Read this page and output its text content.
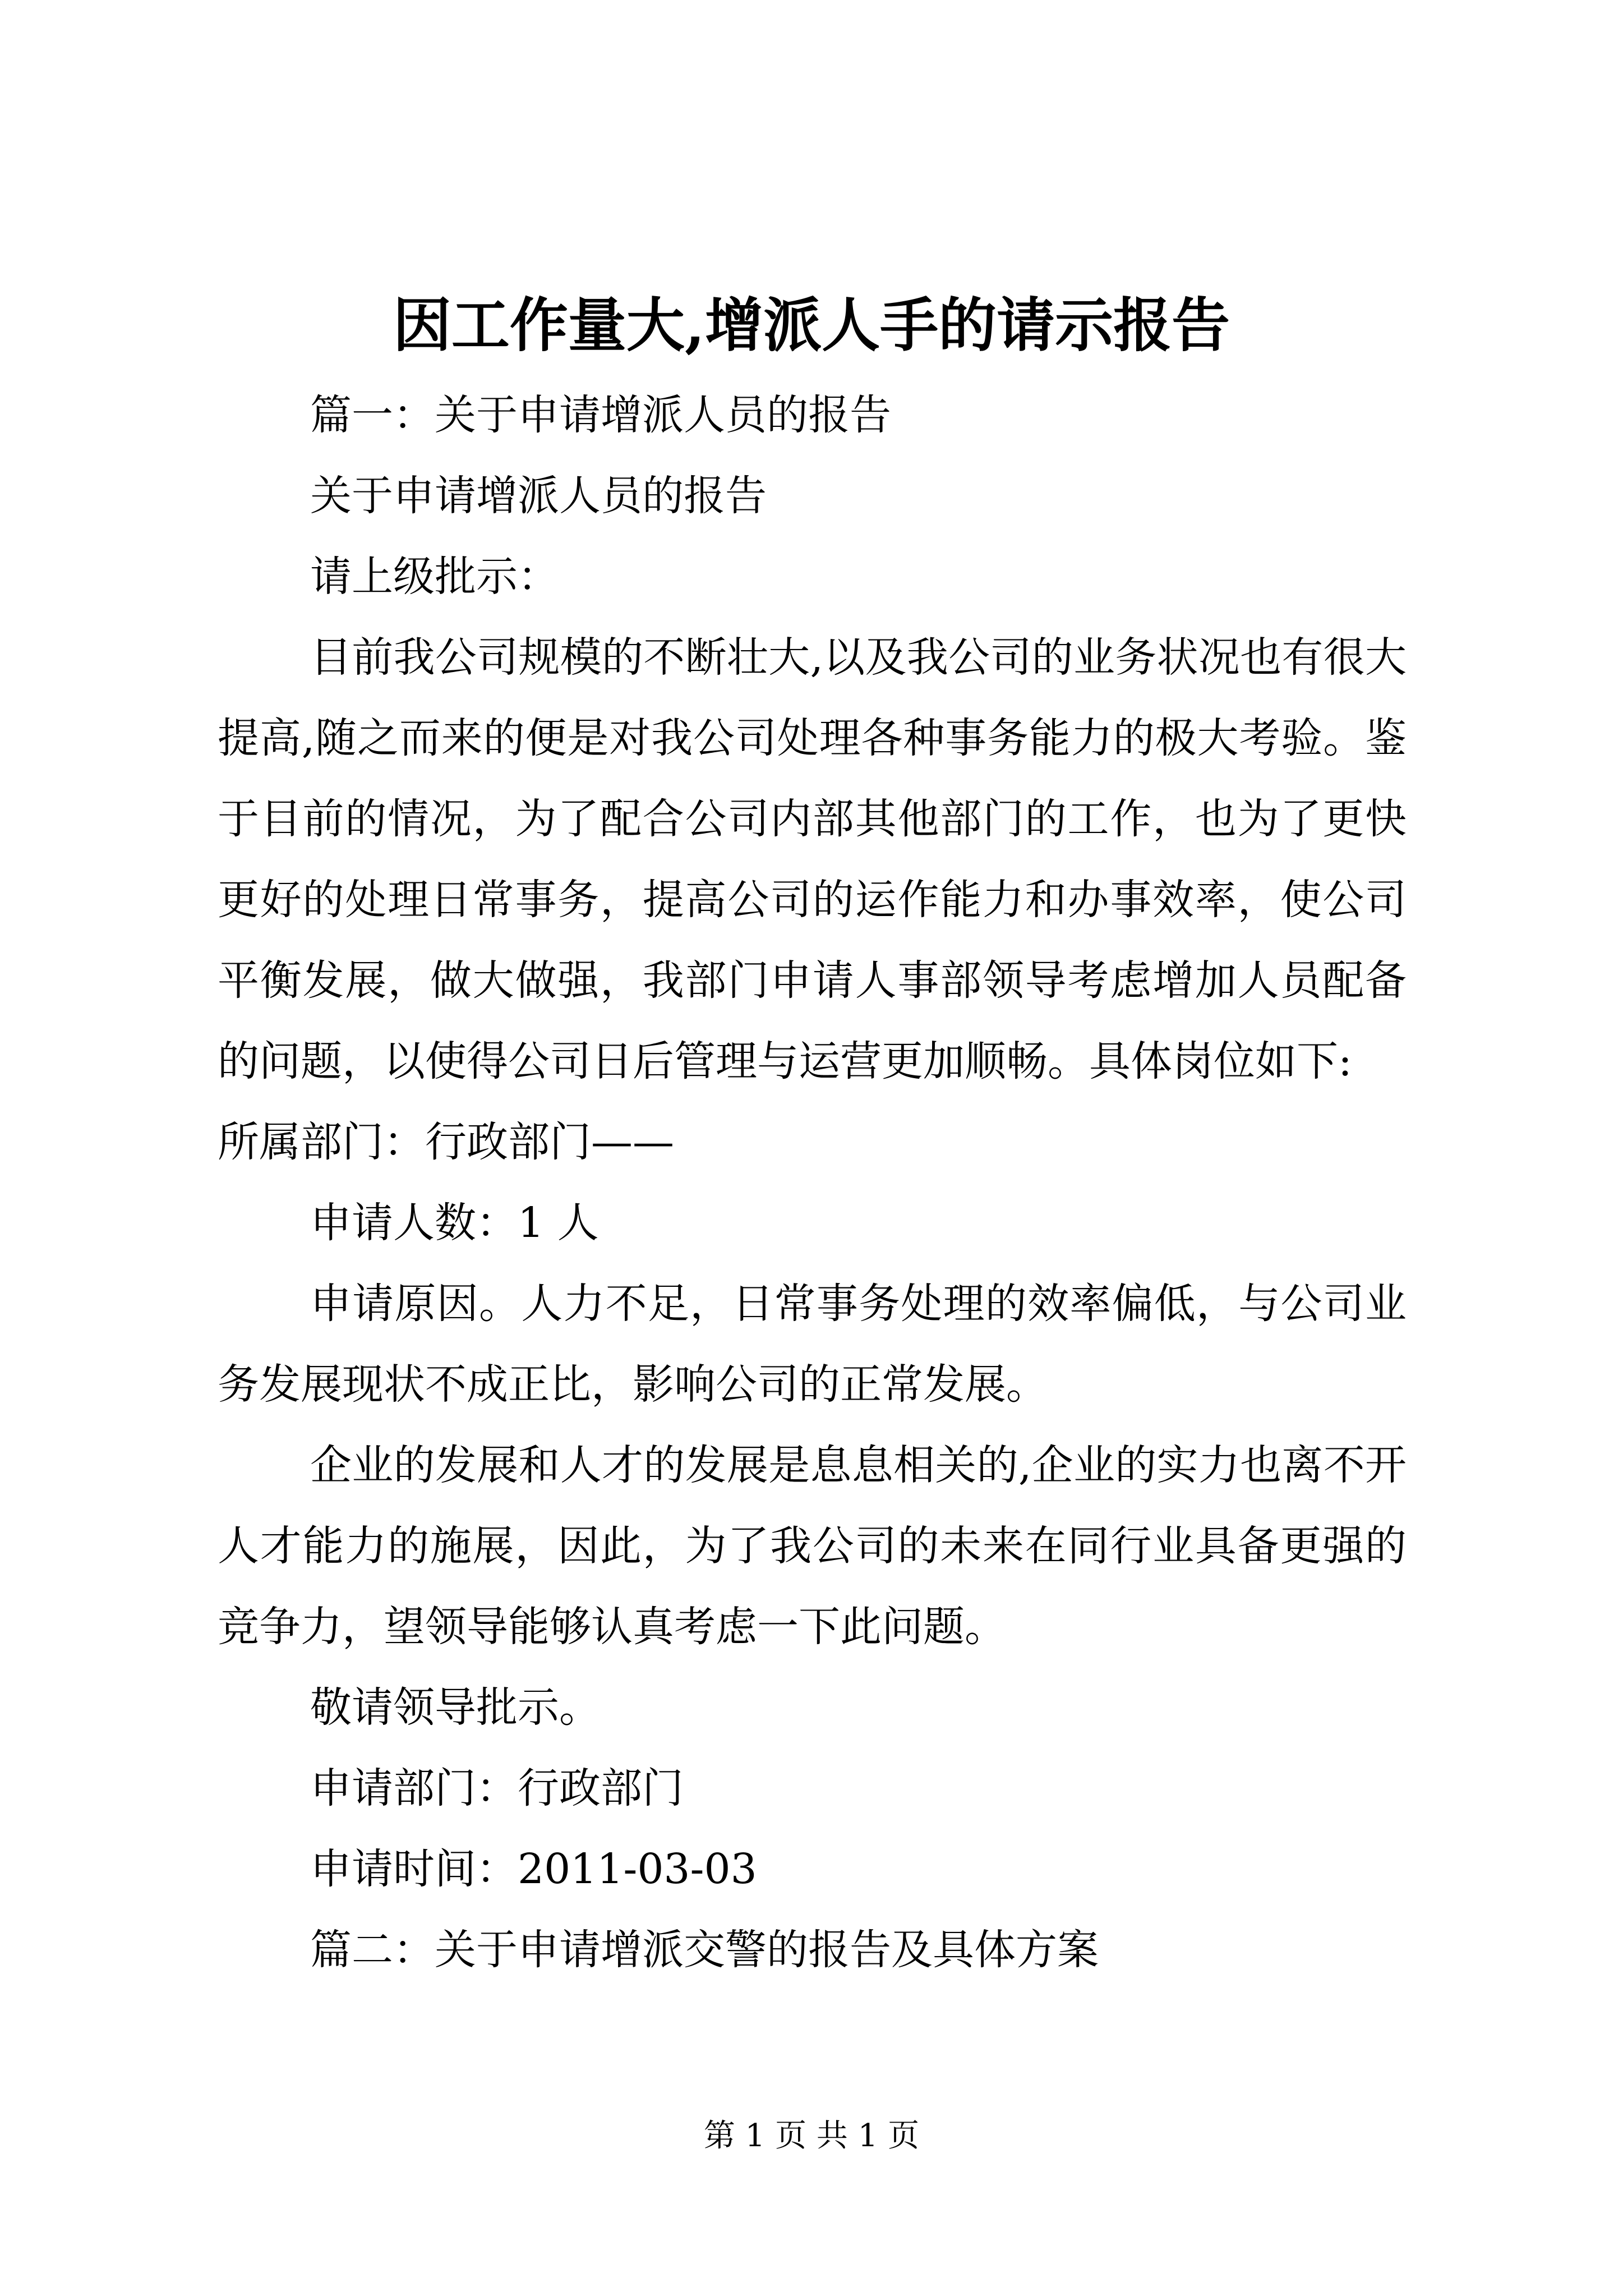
因工作量大,增派人手的请示报告

篇一：关于申请增派人员的报告

关于申请增派人员的报告

请上级批示：

目前我公司规模的不断壮大,以及我公司的业务状况也有很大提高,随之而来的便是对我公司处理各种事务能力的极大考验。鉴于目前的情况，为了配合公司内部其他部门的工作，也为了更快更好的处理日常事务，提高公司的运作能力和办事效率，使公司平衡发展，做大做强，我部门申请人事部领导考虑增加人员配备的问题，以使得公司日后管理与运营更加顺畅。具体岗位如下:

所属部门：行政部门——

申请人数：1 人

申请原因。人力不足，日常事务处理的效率偏低，与公司业务发展现状不成正比，影响公司的正常发展。

企业的发展和人才的发展是息息相关的,企业的实力也离不开人才能力的施展，因此，为了我公司的未来在同行业具备更强的竞争力，望领导能够认真考虑一下此问题。

敬请领导批示。

申请部门：行政部门

申请时间：2011-03-03

篇二：关于申请增派交警的报告及具体方案

第 1 页 共 1 页
